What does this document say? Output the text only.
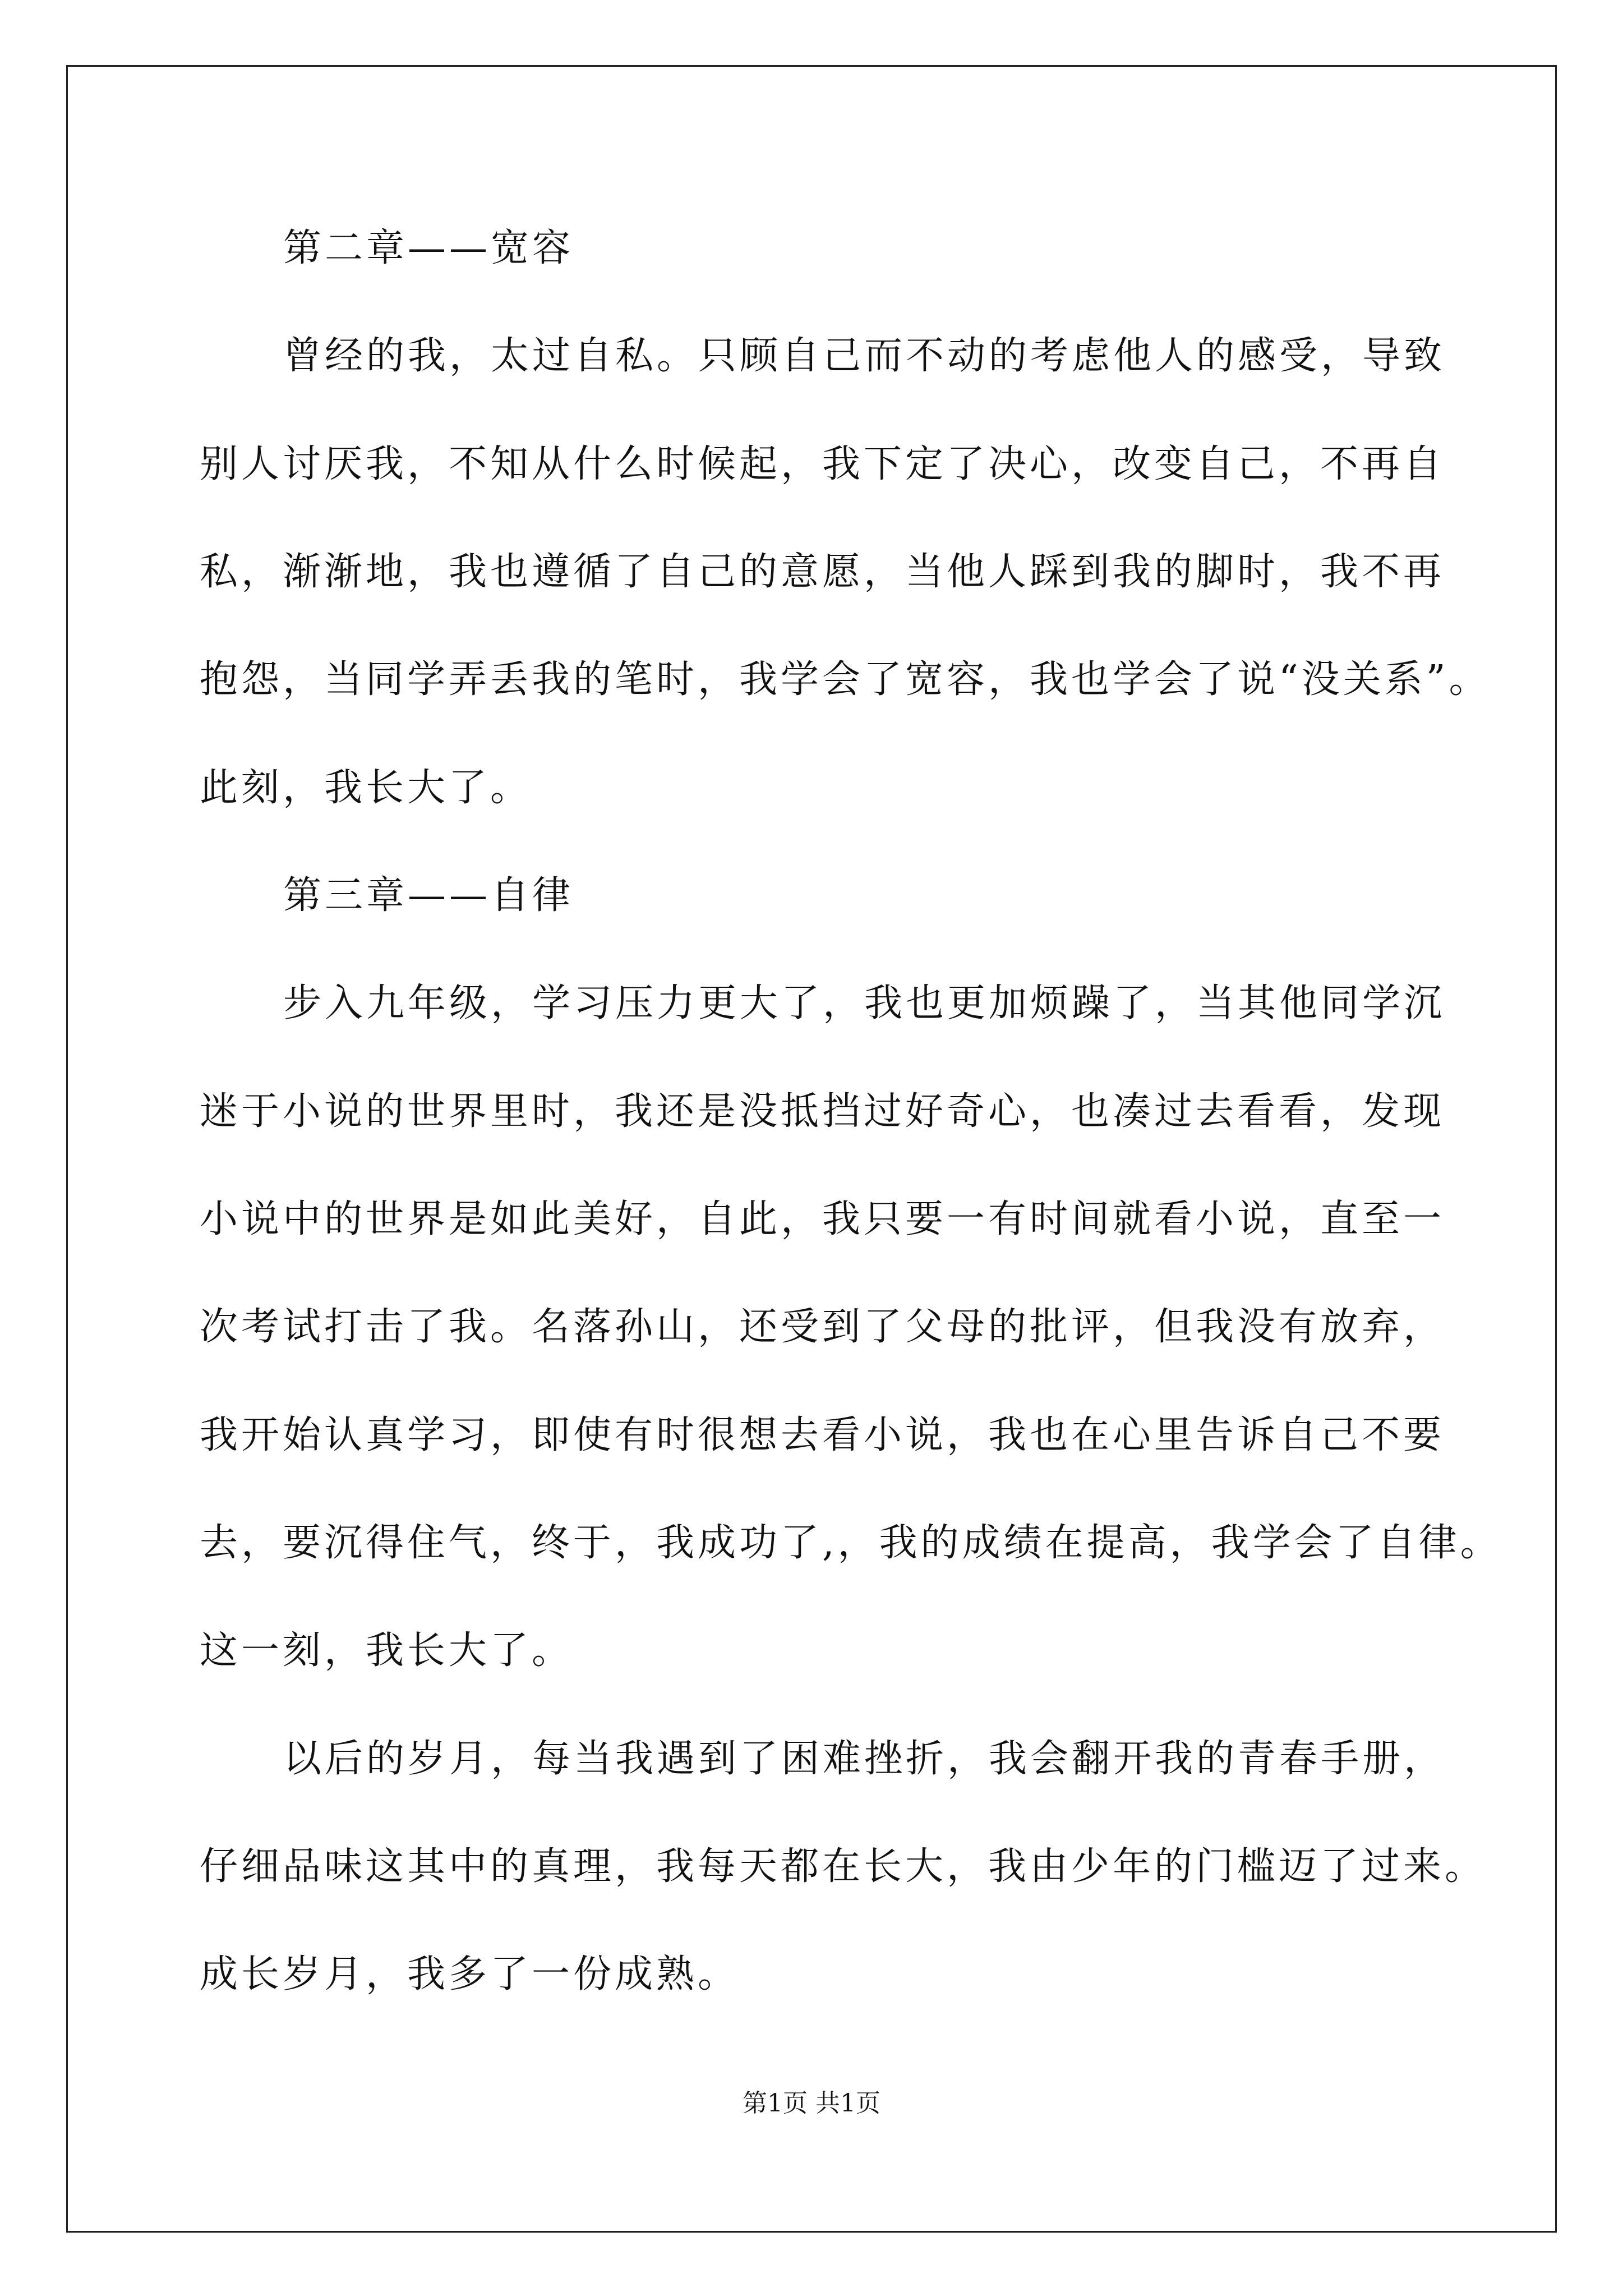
第二章——宽容
曾经的我，太过自私。只顾自己而不动的考虑他人的感受，导致
别人讨厌我，不知从什么时候起，我下定了决心，改变自己，不再自
私，渐渐地，我也遵循了自己的意愿，当他人踩到我的脚时，我不再
抱怨，当同学弄丢我的笔时，我学会了宽容，我也学会了说“没关系”。
此刻，我长大了。
第三章——自律
步入九年级，学习压力更大了，我也更加烦躁了，当其他同学沉
迷于小说的世界里时，我还是没抵挡过好奇心，也凑过去看看，发现
小说中的世界是如此美好，自此，我只要一有时间就看小说，直至一
次考试打击了我。名落孙山，还受到了父母的批评，但我没有放弃，
我开始认真学习，即使有时很想去看小说，我也在心里告诉自己不要
去，要沉得住气，终于，我成功了,，我的成绩在提高，我学会了自律。
这一刻，我长大了。
以后的岁月，每当我遇到了困难挫折，我会翻开我的青春手册，
仔细品味这其中的真理，我每天都在长大，我由少年的门槛迈了过来。
成长岁月，我多了一份成熟。
第1页 共1页
